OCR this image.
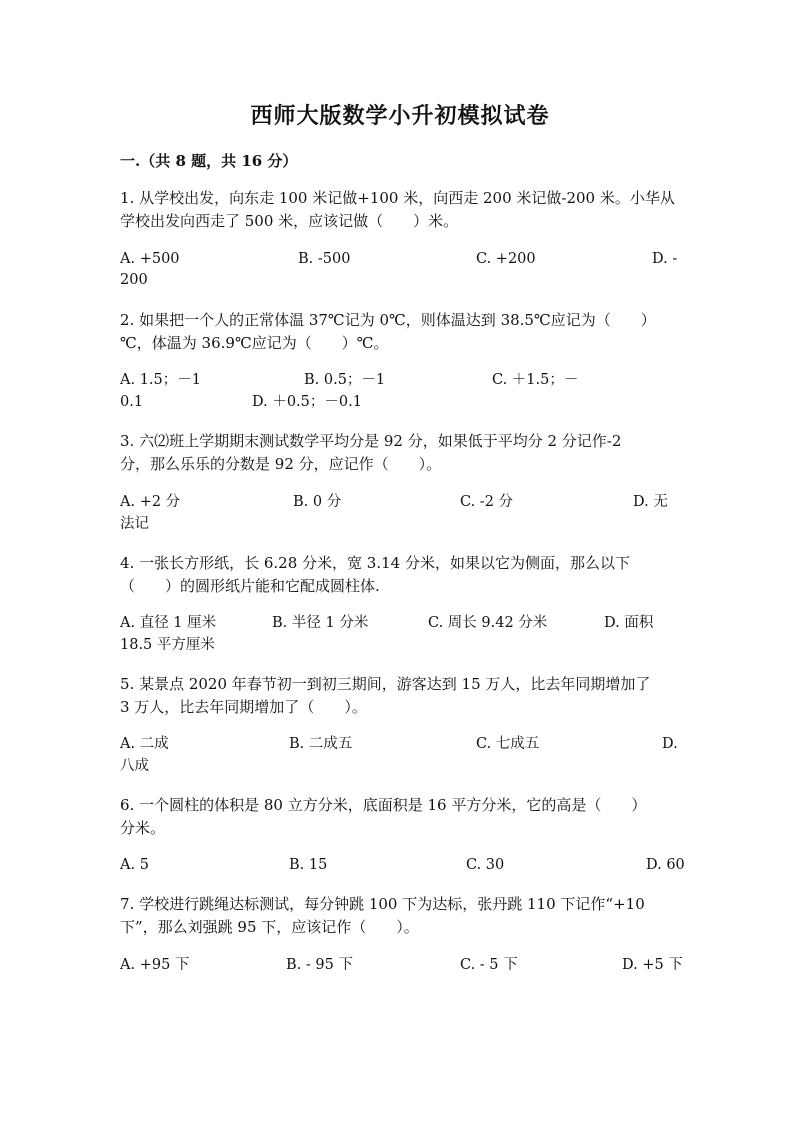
西师大版数学小升初模拟试卷
一.（共 8 题，共 16 分）
1. 从学校出发，向东走 100 米记做+100 米，向西走 200 米记做-200 米。小华从
学校出发向西走了 500 米，应该记做（　　）米。
A. +500	B. -500	C. +200	D. -
200
2. 如果把一个人的正常体温 37℃记为 0℃，则体温达到 38.5℃应记为（　　）
℃，体温为 36.9℃应记为（　　）℃。
A. 1.5；－1	B. 0.5；－1	C. ＋1.5；－
0.1	D. ＋0.5；－0.1
3. 六⑵班上学期期末测试数学平均分是 92 分，如果低于平均分 2 分记作-2
分，那么乐乐的分数是 92 分，应记作（　　）。
A. +2 分	B. 0 分	C. -2 分	D. 无
法记
4. 一张长方形纸，长 6.28 分米，宽 3.14 分米，如果以它为侧面，那么以下
（　　）的圆形纸片能和它配成圆柱体.
A. 直径 1 厘米	B. 半径 1 分米	C. 周长 9.42 分米	D. 面积
18.5 平方厘米
5. 某景点 2020 年春节初一到初三期间，游客达到 15 万人，比去年同期增加了
3 万人，比去年同期增加了（　　）。
A. 二成	B. 二成五	C. 七成五	D.
八成
6. 一个圆柱的体积是 80 立方分米，底面积是 16 平方分米，它的高是（　　）
分米。
A. 5	B. 15	C. 30	D. 60
7. 学校进行跳绳达标测试，每分钟跳 100 下为达标，张丹跳 110 下记作“+10
下”，那么刘强跳 95 下，应该记作（　　）。
A. +95 下	B. - 95 下	C. - 5 下	D. +5 下
